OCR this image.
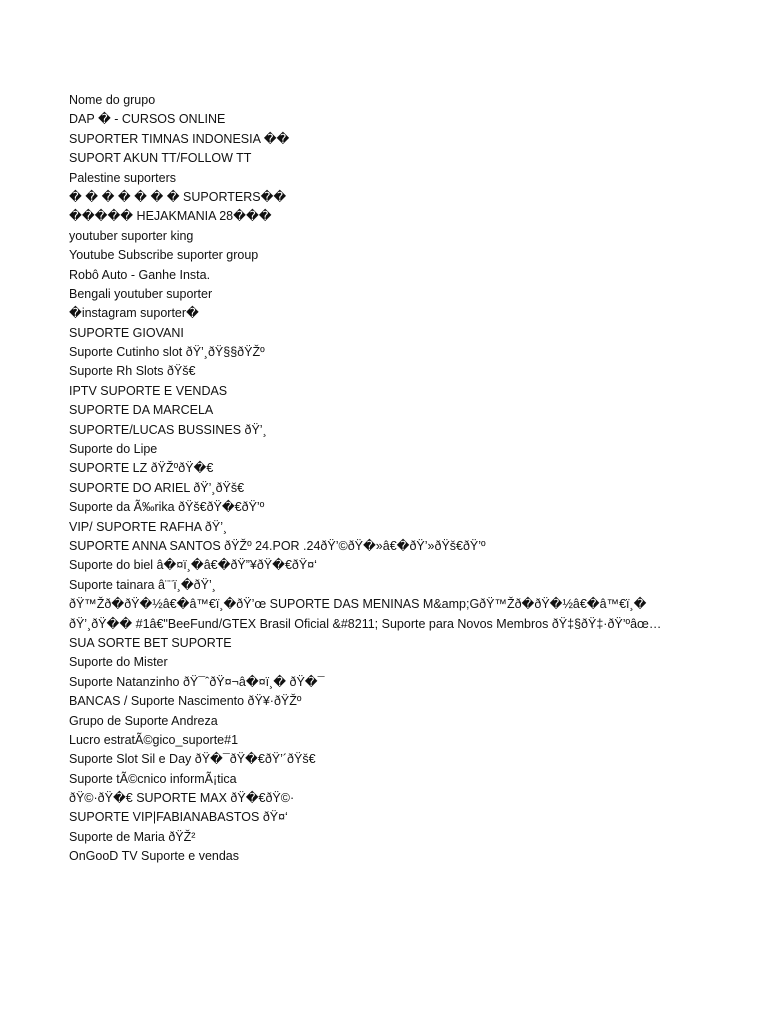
Nome do grupo
DAP � - CURSOS ONLINE
SUPORTER TIMNAS INDONESIA ��
SUPORT AKUN TT/FOLLOW TT
Palestine suporters
� � � � � � � SUPORTERS��
����� HEJAKMANIA 28���
youtuber suporter king
Youtube Subscribe suporter group
Robô Auto - Ganhe Insta.
Bengali youtuber suporter
�instagram suporter�
SUPORTE GIOVANI
Suporte Cutinho slot ðŸ’¸ðŸ§§ðŸŽº
Suporte Rh Slots ðŸš€
IPTV SUPORTE E VENDAS
SUPORTE DA MARCELA
SUPORTE/LUCAS BUSSINES ðŸ’¸
Suporte do Lipe
SUPORTE LZ ðŸŽºðŸ�€
SUPORTE DO ARIEL ðŸ’¸ðŸš€
Suporte da Ã‰rika ðŸš€ðŸ�€ðŸ’º
VIP/ SUPORTE RAFHA ðŸ’¸
SUPORTE ANNA SANTOS ðŸŽº 24.POR .24ðŸ’©ðŸ�»â€�ðŸ’»ðŸš€ðŸ’º
Suporte do biel â�¤ï¸�â€�ðŸ”¥ðŸ�€ðŸ¤‘
Suporte tainara â¨¨ï¸�ðŸ’¸
ðŸ™Žð�ðŸ�½â€�â™€ï¸�ðŸ’œ SUPORTE DAS MENINAS M&amp;GðŸ™Žð�ðŸ�½â€�â™€ï¸�
ðŸ’¸ðŸ�� #1â€"BeeFund/GTEX Brasil Oficial &#8211; Suporte para Novos Membros ðŸ‡§ðŸ‡·ðŸ’ºâœ…
SUA SORTE BET SUPORTE
Suporte do Mister
Suporte Natanzinho ðŸ¯ˆðŸ¤¬â�¤ï¸� ðŸ�¯
BANCAS / Suporte Nascimento ðŸ¥·ðŸŽº
Grupo de Suporte Andreza
Lucro estratÃ©gico_suporte#1
Suporte Slot Sil e Day ðŸ�¯ðŸ�€ðŸ’´ðŸš€
Suporte tÃ©cnico informÃ¡tica
ðŸ©·ðŸ�€ SUPORTE MAX ðŸ�€ðŸ©·
SUPORTE VIP|FABIANABASTOS ðŸ¤‘
Suporte de Maria ðŸŽ²
OnGooD TV Suporte e vendas
